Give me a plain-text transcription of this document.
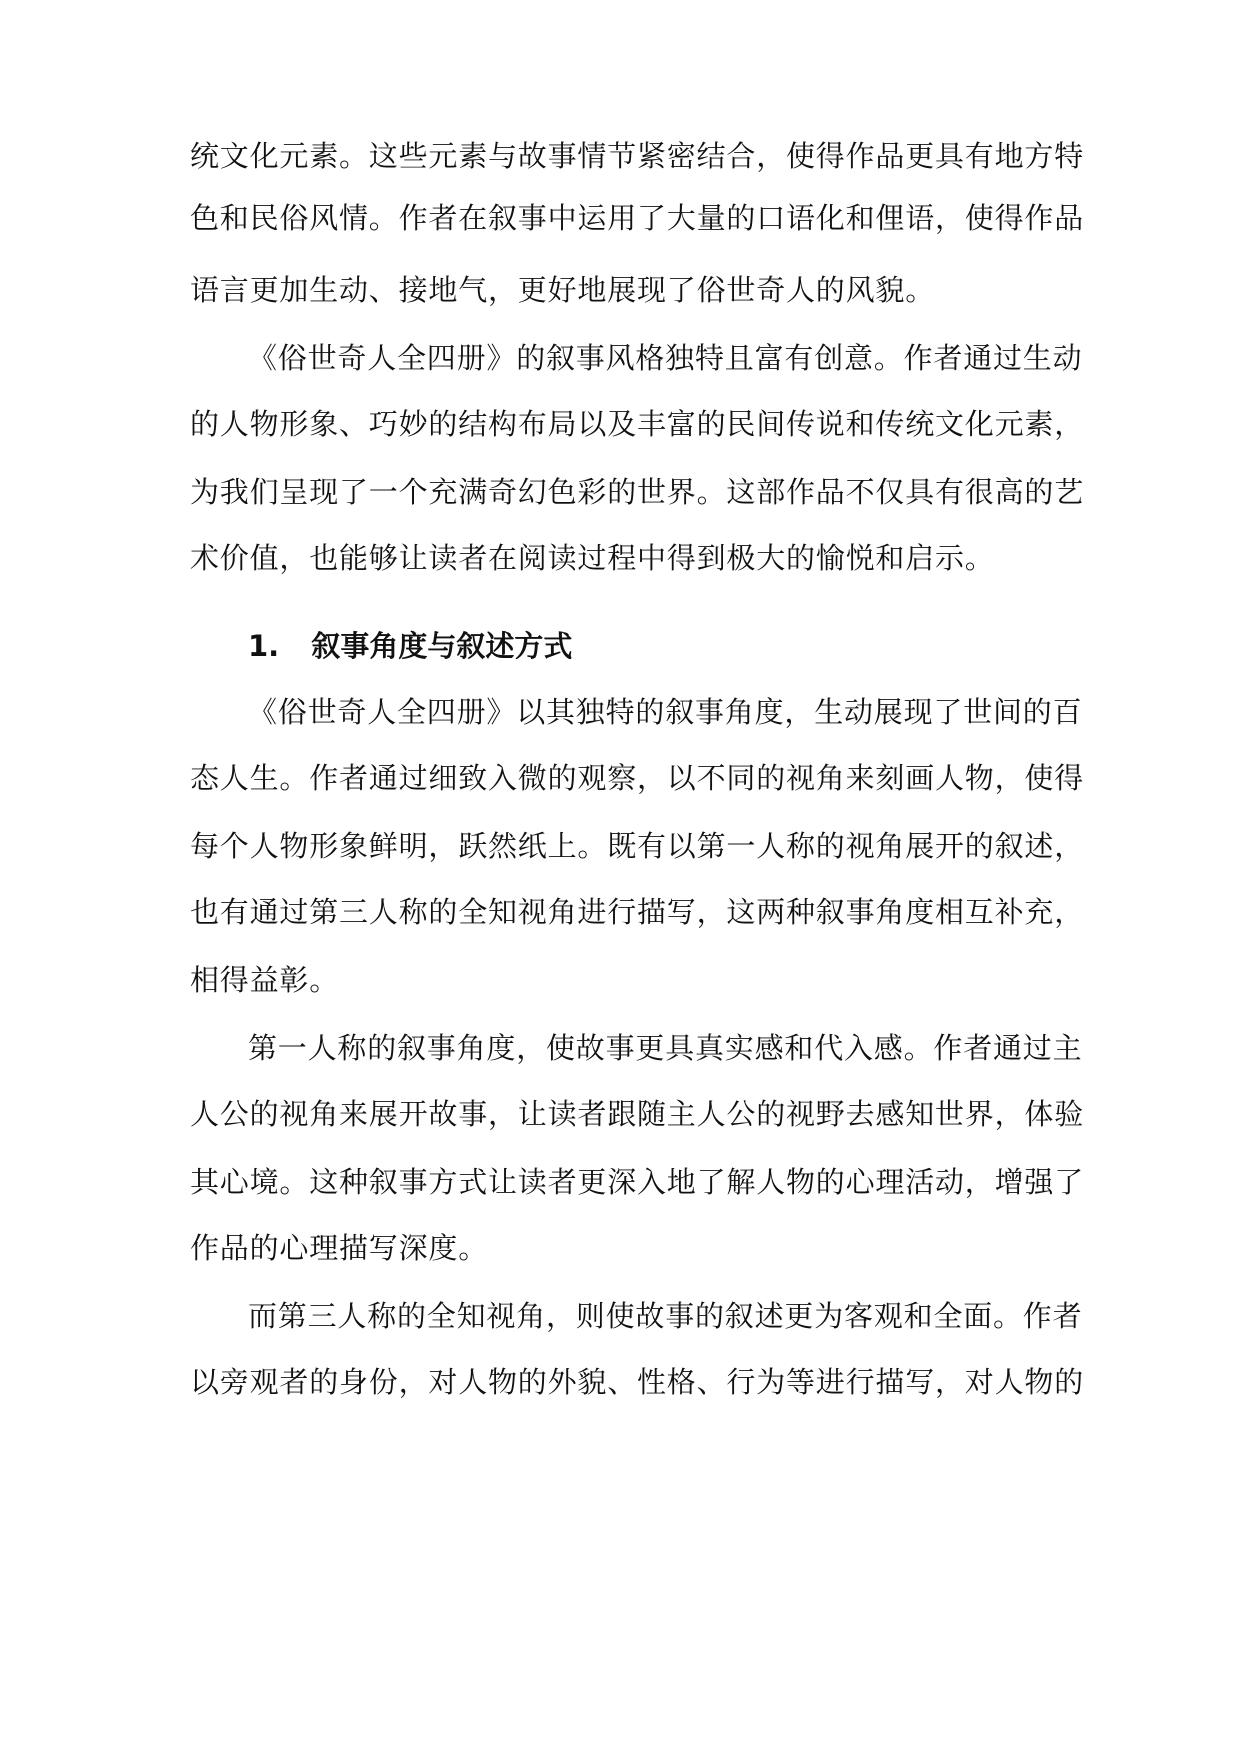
统文化元素。这些元素与故事情节紧密结合，使得作品更具有地方特

色和民俗风情。作者在叙事中运用了大量的口语化和俚语，使得作品

语言更加生动、接地气，更好地展现了俗世奇人的风貌。

《俗世奇人全四册》的叙事风格独特且富有创意。作者通过生动

的人物形象、巧妙的结构布局以及丰富的民间传说和传统文化元素，

为我们呈现了一个充满奇幻色彩的世界。这部作品不仅具有很高的艺

术价值，也能够让读者在阅读过程中得到极大的愉悦和启示。

1. 叙事角度与叙述方式

《俗世奇人全四册》以其独特的叙事角度，生动展现了世间的百

态人生。作者通过细致入微的观察，以不同的视角来刻画人物，使得

每个人物形象鲜明，跃然纸上。既有以第一人称的视角展开的叙述，

也有通过第三人称的全知视角进行描写，这两种叙事角度相互补充，

相得益彰。

第一人称的叙事角度，使故事更具真实感和代入感。作者通过主

人公的视角来展开故事，让读者跟随主人公的视野去感知世界，体验

其心境。这种叙事方式让读者更深入地了解人物的心理活动，增强了

作品的心理描写深度。

而第三人称的全知视角，则使故事的叙述更为客观和全面。作者

以旁观者的身份，对人物的外貌、性格、行为等进行描写，对人物的
